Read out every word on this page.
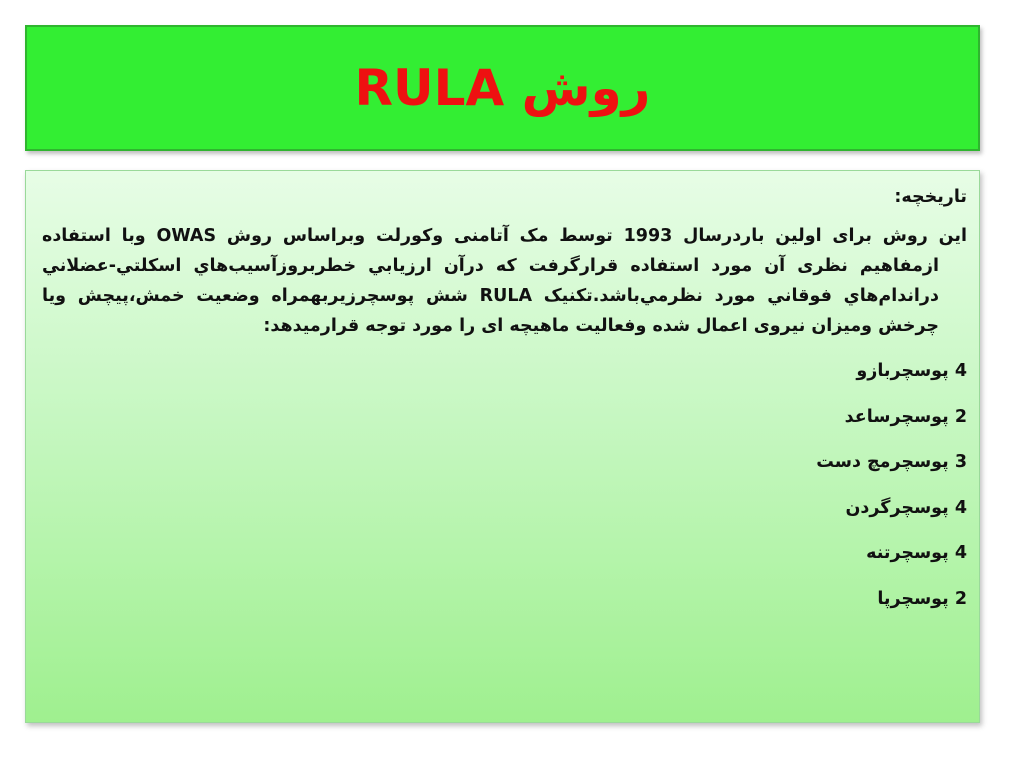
روش RULA

تاریخچه:

این روش برای اولین باردرسال 1993 توسط مک آتامنی وکورلت وبراساس روش OWAS وبا استفاده ازمفاهیم نظری آن مورد استفاده قرارگرفت که درآن ارزیابي خطربروزآسیب‌هاي اسکلتي-عضلاني دراندام‌هاي فوقاني مورد نظرمي‌باشد.تکنیک RULA شش پوسچرزیر‌بهمراه وضعیت خمش،پیچش ویا چرخش ومیزان نیروی اعمال شده وفعالیت ماهیچه ای را مورد توجه قرارمیدهد:

4 پوسچربازو

2 پوسچرساعد

3 پوسچرمچ دست

4 پوسچرگردن

4 پوسچرتنه

2 پوسچرپا
